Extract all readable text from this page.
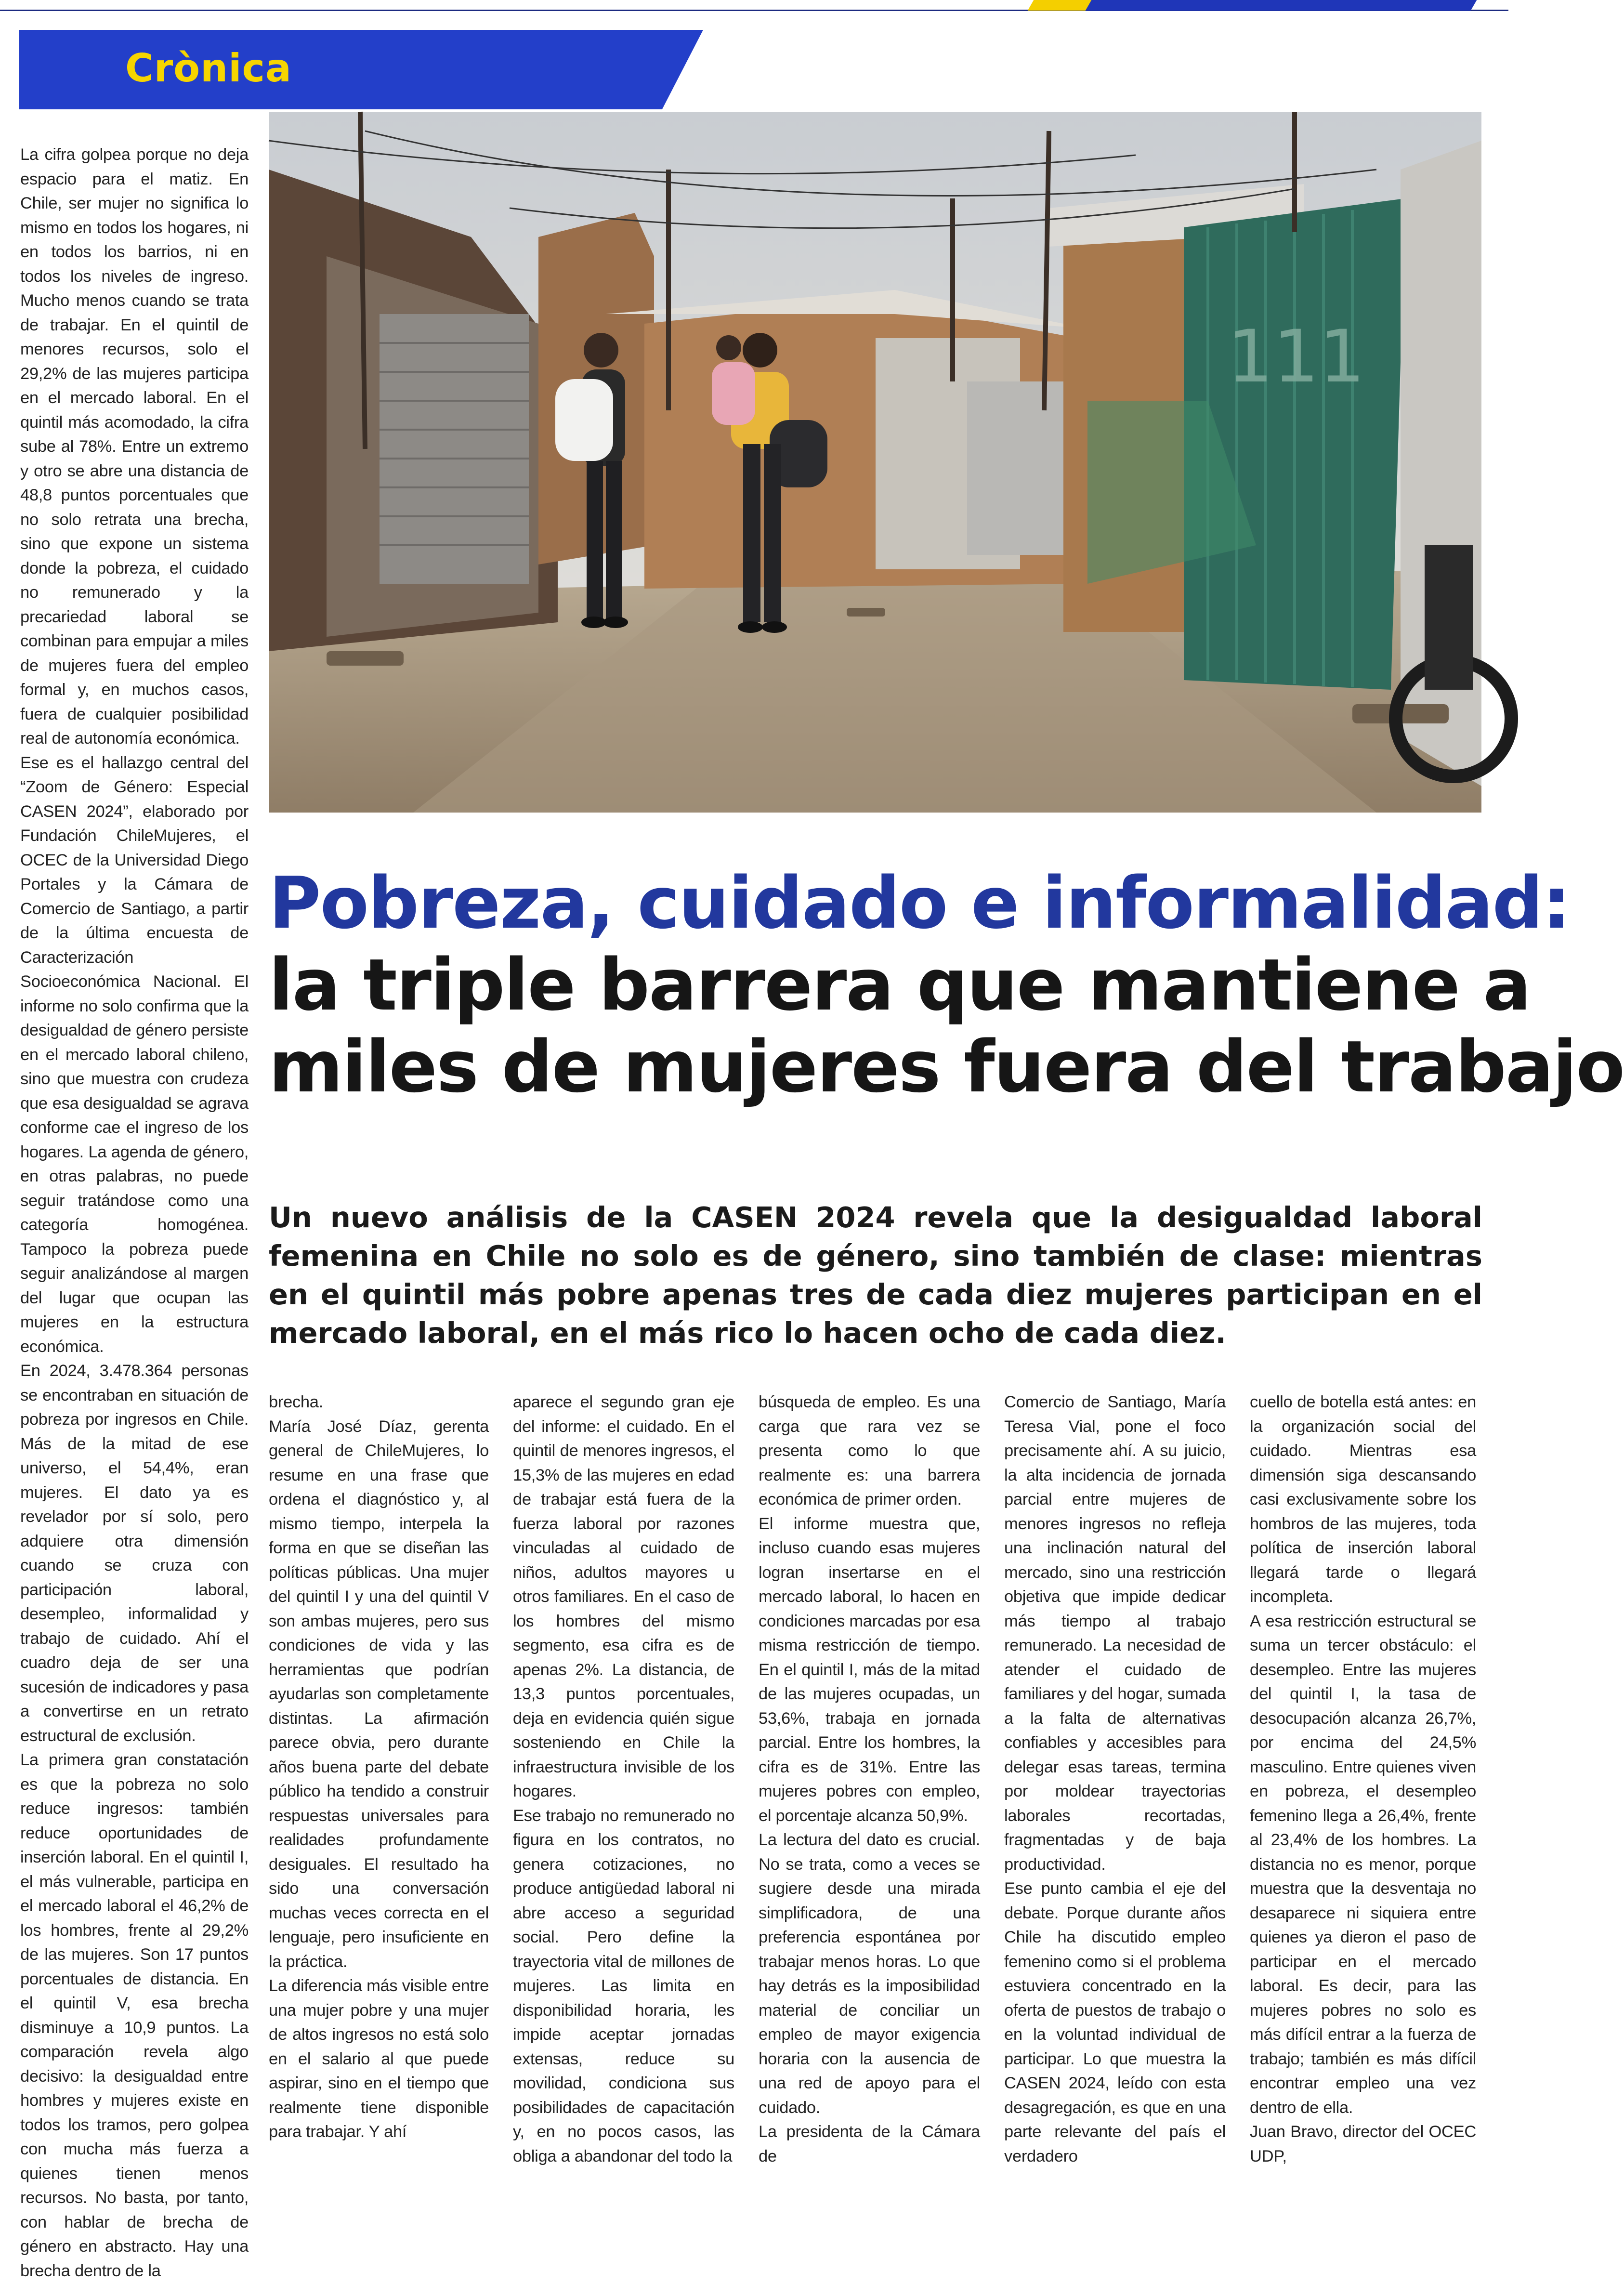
Crònica
111
Pobreza, cuidado e informalidad:
la triple barrera que mantiene a
miles de mujeres fuera del trabajo
Un nuevo análisis de la CASEN 2024 revela que la desigualdad laboral femenina en Chile no solo es de género, sino también de clase: mientras en el quintil más pobre apenas tres de cada diez mujeres participan en el mercado laboral, en el más rico lo hacen ocho de cada diez.

La cifra golpea porque no deja espacio para el matiz. En Chile, ser mujer no significa lo mismo en todos los hogares, ni en todos los barrios, ni en todos los niveles de ingreso. Mucho menos cuando se trata de trabajar. En el quintil de menores recursos, solo el 29,2% de las mujeres participa en el mercado laboral. En el quintil más acomodado, la cifra sube al 78%. Entre un extremo y otro se abre una distancia de 48,8 puntos porcentuales que no solo retrata una brecha, sino que expone un sistema donde la pobreza, el cuidado no remunerado y la precariedad laboral se combinan para empujar a miles de mujeres fuera del empleo formal y, en muchos casos, fuera de cualquier posibilidad real de autonomía económica.

Ese es el hallazgo central del “Zoom de Género: Especial CASEN 2024”, elaborado por Fundación ChileMujeres, el OCEC de la Universidad Diego Portales y la Cámara de Comercio de Santiago, a partir de la última encuesta de Caracterización Socioeconómica Nacional. El informe no solo confirma que la desigualdad de género persiste en el mercado laboral chileno, sino que muestra con crudeza que esa desigualdad se agrava conforme cae el ingreso de los hogares. La agenda de género, en otras palabras, no puede seguir tratándose como una categoría homogénea. Tampoco la pobreza puede seguir analizándose al margen del lugar que ocupan las mujeres en la estructura económica.

En 2024, 3.478.364 personas se encontraban en situación de pobreza por ingresos en Chile. Más de la mitad de ese universo, el 54,4%, eran mujeres. El dato ya es revelador por sí solo, pero adquiere otra dimensión cuando se cruza con participación laboral, desempleo, informalidad y trabajo de cuidado. Ahí el cuadro deja de ser una sucesión de indicadores y pasa a convertirse en un retrato estructural de exclusión.

La primera gran constatación es que la pobreza no solo reduce ingresos: también reduce oportunidades de inserción laboral. En el quintil I, el más vulnerable, participa en el mercado laboral el 46,2% de los hombres, frente al 29,2% de las mujeres. Son 17 puntos porcentuales de distancia. En el quintil V, esa brecha disminuye a 10,9 puntos. La comparación revela algo decisivo: la desigualdad entre hombres y mujeres existe en todos los tramos, pero golpea con mucha más fuerza a quienes tienen menos recursos. No basta, por tanto, con hablar de brecha de género en abstracto. Hay una brecha dentro de la

brecha.

María José Díaz, gerenta general de ChileMujeres, lo resume en una frase que ordena el diagnóstico y, al mismo tiempo, interpela la forma en que se diseñan las políticas públicas. Una mujer del quintil I y una del quintil V son ambas mujeres, pero sus condiciones de vida y las herramientas que podrían ayudarlas son completamente distintas. La afirmación parece obvia, pero durante años buena parte del debate público ha tendido a construir respuestas universales para realidades profundamente desiguales. El resultado ha sido una conversación muchas veces correcta en el lenguaje, pero insuficiente en la práctica.

La diferencia más visible entre una mujer pobre y una mujer de altos ingresos no está solo en el salario al que puede aspirar, sino en el tiempo que realmente tiene disponible para trabajar. Y ahí

aparece el segundo gran eje del informe: el cuidado. En el quintil de menores ingresos, el 15,3% de las mujeres en edad de trabajar está fuera de la fuerza laboral por razones vinculadas al cuidado de niños, adultos mayores u otros familiares. En el caso de los hombres del mismo segmento, esa cifra es de apenas 2%. La distancia, de 13,3 puntos porcentuales, deja en evidencia quién sigue sosteniendo en Chile la infraestructura invisible de los hogares.

Ese trabajo no remunerado no figura en los contratos, no genera cotizaciones, no produce antigüedad laboral ni abre acceso a seguridad social. Pero define la trayectoria vital de millones de mujeres. Las limita en disponibilidad horaria, les impide aceptar jornadas extensas, reduce su movilidad, condiciona sus posibilidades de capacitación y, en no pocos casos, las obliga a abandonar del todo la

búsqueda de empleo. Es una carga que rara vez se presenta como lo que realmente es: una barrera económica de primer orden.

El informe muestra que, incluso cuando esas mujeres logran insertarse en el mercado laboral, lo hacen en condiciones marcadas por esa misma restricción de tiempo. En el quintil I, más de la mitad de las mujeres ocupadas, un 53,6%, trabaja en jornada parcial. Entre los hombres, la cifra es de 31%. Entre las mujeres pobres con empleo, el porcentaje alcanza 50,9%.

La lectura del dato es crucial. No se trata, como a veces se sugiere desde una mirada simplificadora, de una preferencia espontánea por trabajar menos horas. Lo que hay detrás es la imposibilidad material de conciliar un empleo de mayor exigencia horaria con la ausencia de una red de apoyo para el cuidado.

La presidenta de la Cámara de

Comercio de Santiago, María Teresa Vial, pone el foco precisamente ahí. A su juicio, la alta incidencia de jornada parcial entre mujeres de menores ingresos no refleja una inclinación natural del mercado, sino una restricción objetiva que impide dedicar más tiempo al trabajo remunerado. La necesidad de atender el cuidado de familiares y del hogar, sumada a la falta de alternativas confiables y accesibles para delegar esas tareas, termina por moldear trayectorias laborales recortadas, fragmentadas y de baja productividad.

Ese punto cambia el eje del debate. Porque durante años Chile ha discutido empleo femenino como si el problema estuviera concentrado en la oferta de puestos de trabajo o en la voluntad individual de participar. Lo que muestra la CASEN 2024, leído con esta desagregación, es que en una parte relevante del país el verdadero

cuello de botella está antes: en la organización social del cuidado. Mientras esa dimensión siga descansando casi exclusivamente sobre los hombros de las mujeres, toda política de inserción laboral llegará tarde o llegará incompleta.

A esa restricción estructural se suma un tercer obstáculo: el desempleo. Entre las mujeres del quintil I, la tasa de desocupación alcanza 26,7%, por encima del 24,5% masculino. Entre quienes viven en pobreza, el desempleo femenino llega a 26,4%, frente al 23,4% de los hombres. La distancia no es menor, porque muestra que la desventaja no desaparece ni siquiera entre quienes ya dieron el paso de participar en el mercado laboral. Es decir, para las mujeres pobres no solo es más difícil entrar a la fuerza de trabajo; también es más difícil encontrar empleo una vez dentro de ella.

Juan Bravo, director del OCEC UDP,
